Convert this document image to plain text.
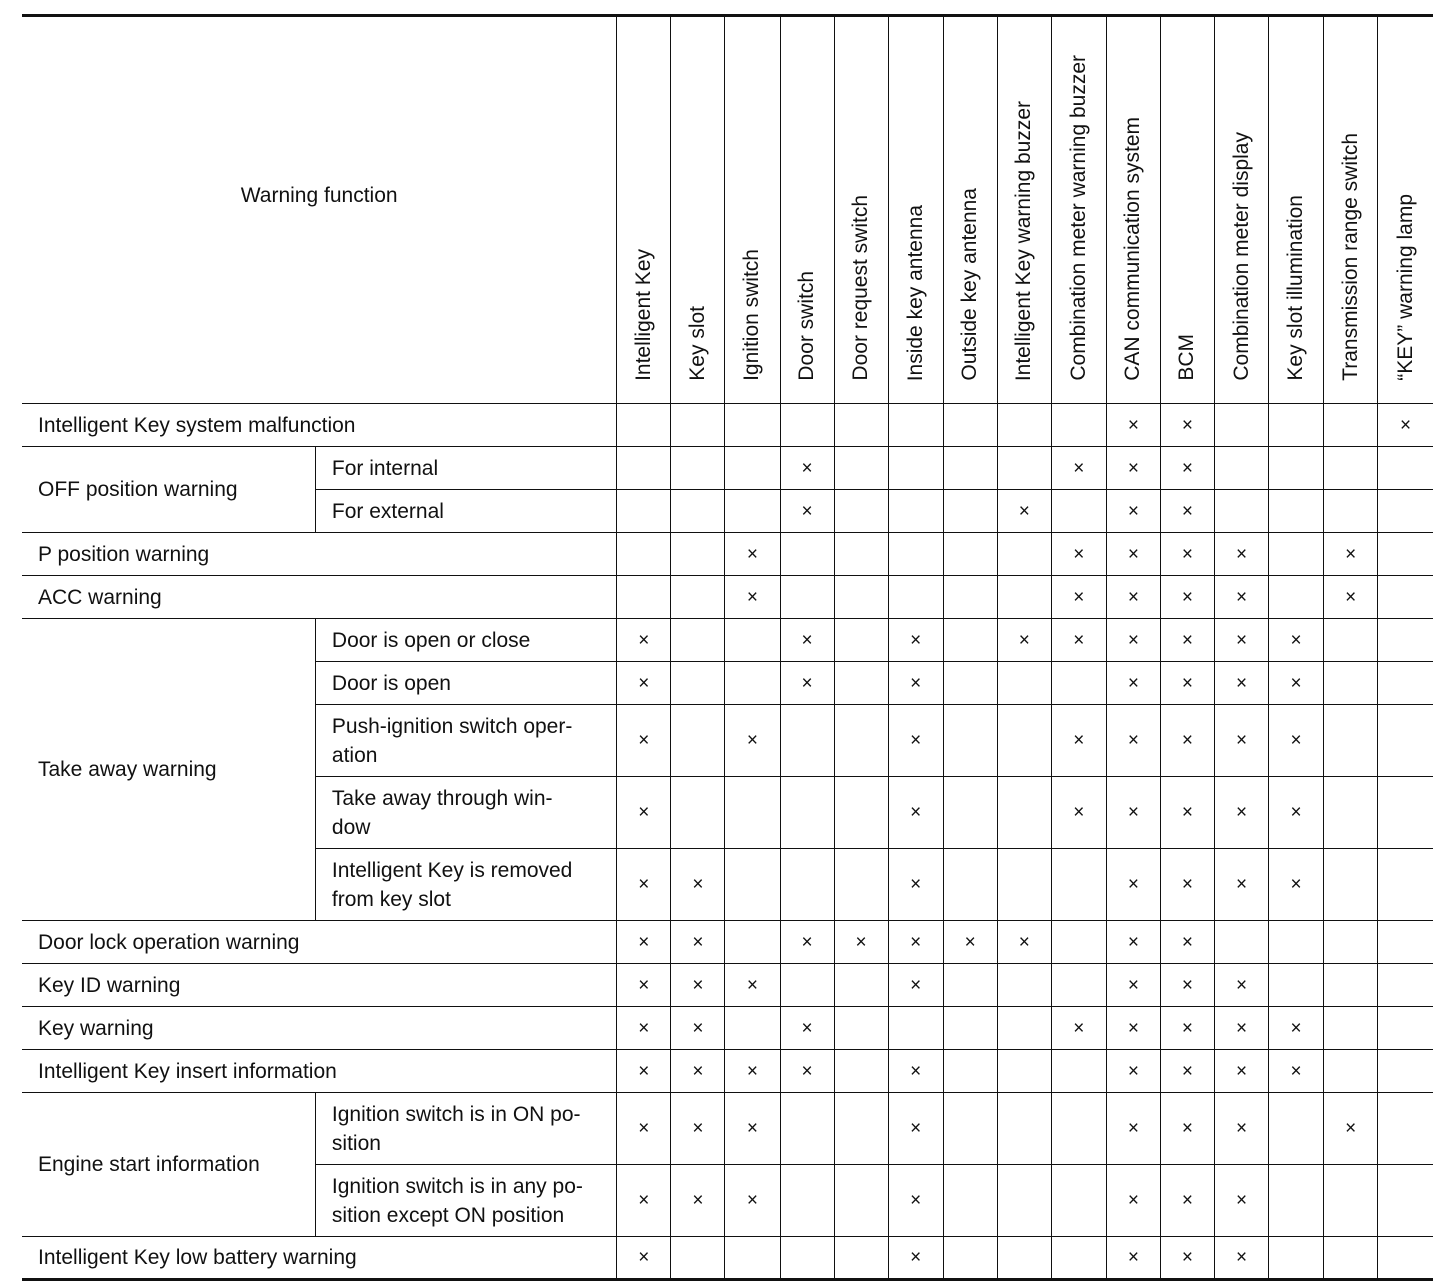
Warning function		Intelligent Key	Key slot	Ignition switch	Door switch	Door request switch	Inside key antenna	Outside key antenna	Intelligent Key warning buzzer	Combination meter warning buzzer	CAN communication system	BCM	Combination meter display	Key slot illumination	Transmission range switch	“KEY” warning lamp
Intelligent Key system malfunction											×	×				×
OFF position warning	For internal				×					×	×	×				
	For external				×				×		×	×				
P position warning				×						×	×	×	×		×	
ACC warning				×						×	×	×	×		×	
Take away warning	Door is open or close	×			×		×		×	×	×	×	×	×		
	Door is open	×			×		×				×	×	×	×		
	Push-ignition switch oper-
ation	×		×			×			×	×	×	×	×		
	Take away through win-
dow	×					×			×	×	×	×	×		
	Intelligent Key is removed
from key slot	×	×				×				×	×	×	×		
Door lock operation warning		×	×		×	×	×	×	×		×	×				
Key ID warning		×	×	×			×				×	×	×			
Key warning		×	×		×					×	×	×	×	×		
Intelligent Key insert information		×	×	×	×		×				×	×	×	×		
Engine start information	Ignition switch is in ON po-
sition	×	×	×			×				×	×	×		×	
	Ignition switch is in any po-
sition except ON position	×	×	×			×				×	×	×			
Intelligent Key low battery warning		×					×				×	×	×			
